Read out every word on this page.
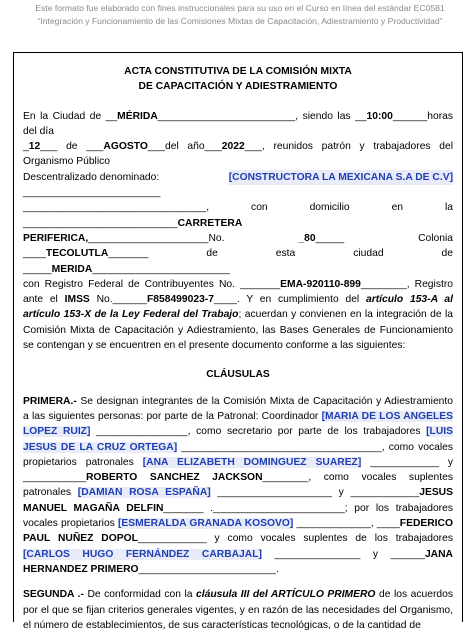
Este formato fue elaborado con fines instruccionales para su uso en el Curso en línea del estándar EC0581
“Integración y Funcionamiento de las Comisiones Mixtas de Capacitación, Adiestramiento y Productividad”
ACTA CONSTITUTIVA DE LA COMISIÓN MIXTA
DE CAPACITACIÓN Y ADIESTRAMIENTO
En la Ciudad de __MÉRIDA________________________, siendo las __10:00______horas del día
_12___ de ___AGOSTO___del año___2022___, reunidos patrón y trabajadores del Organismo Público
Descentralizado denominado:	[CONSTRUCTORA LA MEXICANA S.A DE C.V]
________________________
________________________________,	con	domicilio	en	la
___________________________CARRETERA
PERIFERICA,_____________________No.	_80_____	Colonia
____TECOLUTLA_______	de	esta	ciudad	de
_____MERIDA________________________
con Registro Federal de Contribuyentes No. _______EMA-920110-899________, Registro ante el IMSS No.______F858499023-7____. Y en cumplimiento del artículo 153-A al artículo 153-X de la Ley Federal del Trabajo; acuerdan y convienen en la integración de la Comisión Mixta de Capacitación y Adiestramiento, las Bases Generales de Funcionamiento se contengan y se encuentren en el presente documento conforme a las siguientes:
CLÁUSULAS
PRIMERA.- Se designan integrantes de la Comisión Mixta de Capacitación y Adiestramiento a las siguientes personas: por parte de la Patronal: Coordinador [MARIA DE LOS ANGELES LOPEZ RUIZ] ________________, como secretario por parte de los trabajadores [LUIS JESUS DE LA CRUZ ORTEGA] ___________________________________, como vocales propietarios patronales [ANA ELIZABETH DOMINGUEZ SUAREZ] ____________ y ___________ROBERTO SANCHEZ JACKSON________, como vocales suplentes patronales [DAMIAN ROSA ESPAÑA] ____________________ y ____________JESUS MANUEL MAGAÑA DELFIN_______ ._______________________; por los trabajadores vocales propietarios [ESMERALDA GRANADA KOSOVO] _____________, ____FEDERICO PAUL NUÑEZ DOPOL____________ y como vocales suplentes de los trabajadores [CARLOS HUGO FERNÁNDEZ CARBAJAL] _______________ y ______JANA HERNANDEZ PRIMERO________________________.
SEGUNDA .- De conformidad con la cláusula III del ARTÍCULO PRIMERO de los acuerdos por el que se fijan criterios generales vigentes, y en razón de las necesidades del Organismo, el número de establecimientos, de sus características tecnológicas, o de la cantidad de
